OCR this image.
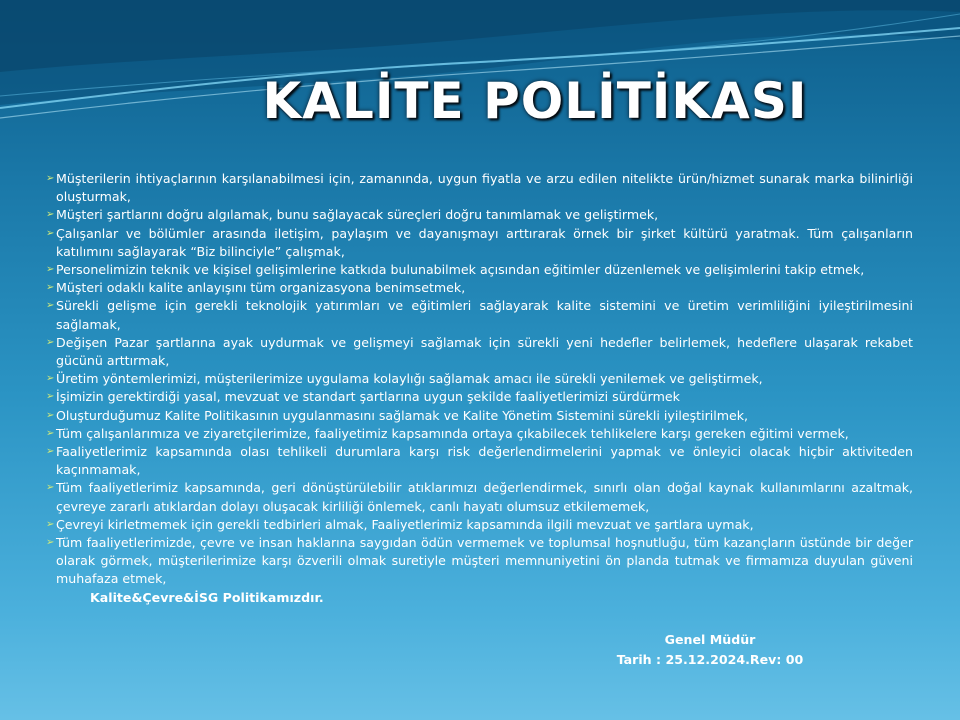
KALİTE POLİTİKASI
➢ Müşterilerin ihtiyaçlarının karşılanabilmesi için, zamanında, uygun fiyatla ve arzu edilen nitelikte ürün/hizmet sunarak marka bilinirliği oluşturmak,
➢ Müşteri şartlarını doğru algılamak, bunu sağlayacak süreçleri doğru tanımlamak ve geliştirmek,
➢ Çalışanlar ve bölümler arasında iletişim, paylaşım ve dayanışmayı arttırarak örnek bir şirket kültürü yaratmak. Tüm çalışanların katılımını sağlayarak “Biz bilinciyle” çalışmak,
➢ Personelimizin teknik ve kişisel gelişimlerine katkıda bulunabilmek açısından eğitimler düzenlemek ve gelişimlerini takip etmek,
➢ Müşteri odaklı kalite anlayışını tüm organizasyona benimsetmek,
➢ Sürekli gelişme için gerekli teknolojik yatırımları ve eğitimleri sağlayarak kalite sistemini ve üretim verimliliğini iyileştirilmesini sağlamak,
➢ Değişen Pazar şartlarına ayak uydurmak ve gelişmeyi sağlamak için sürekli yeni hedefler belirlemek, hedeflere ulaşarak rekabet gücünü arttırmak,
➢ Üretim yöntemlerimizi, müşterilerimize uygulama kolaylığı sağlamak amacı ile sürekli yenilemek ve geliştirmek,
➢ İşimizin gerektirdiği yasal, mevzuat ve standart şartlarına uygun şekilde faaliyetlerimizi sürdürmek
➢ Oluşturduğumuz Kalite Politikasının uygulanmasını sağlamak ve Kalite Yönetim Sistemini sürekli iyileştirilmek,
➢ Tüm çalışanlarımıza ve ziyaretçilerimize, faaliyetimiz kapsamında ortaya çıkabilecek tehlikelere karşı gereken eğitimi vermek,
➢ Faaliyetlerimiz kapsamında olası tehlikeli durumlara karşı risk değerlendirmelerini yapmak ve önleyici olacak hiçbir aktiviteden kaçınmamak,
➢ Tüm faaliyetlerimiz kapsamında, geri dönüştürülebilir atıklarımızı değerlendirmek, sınırlı olan doğal kaynak kullanımlarını azaltmak, çevreye zararlı atıklardan dolayı oluşacak kirliliği önlemek, canlı hayatı olumsuz etkilememek,
➢ Çevreyi kirletmemek için gerekli tedbirleri almak, Faaliyetlerimiz kapsamında ilgili mevzuat ve şartlara uymak,
➢ Tüm faaliyetlerimizde, çevre ve insan haklarına saygıdan ödün vermemek ve toplumsal hoşnutluğu, tüm kazançların üstünde bir değer olarak görmek, müşterilerimize karşı özverili olmak suretiyle müşteri memnuniyetini ön planda tutmak ve firmamıza duyulan güveni muhafaza etmek,
Kalite&Çevre&İSG Politikamızdır.
Genel Müdür
Tarih : 25.12.2024.Rev: 00
